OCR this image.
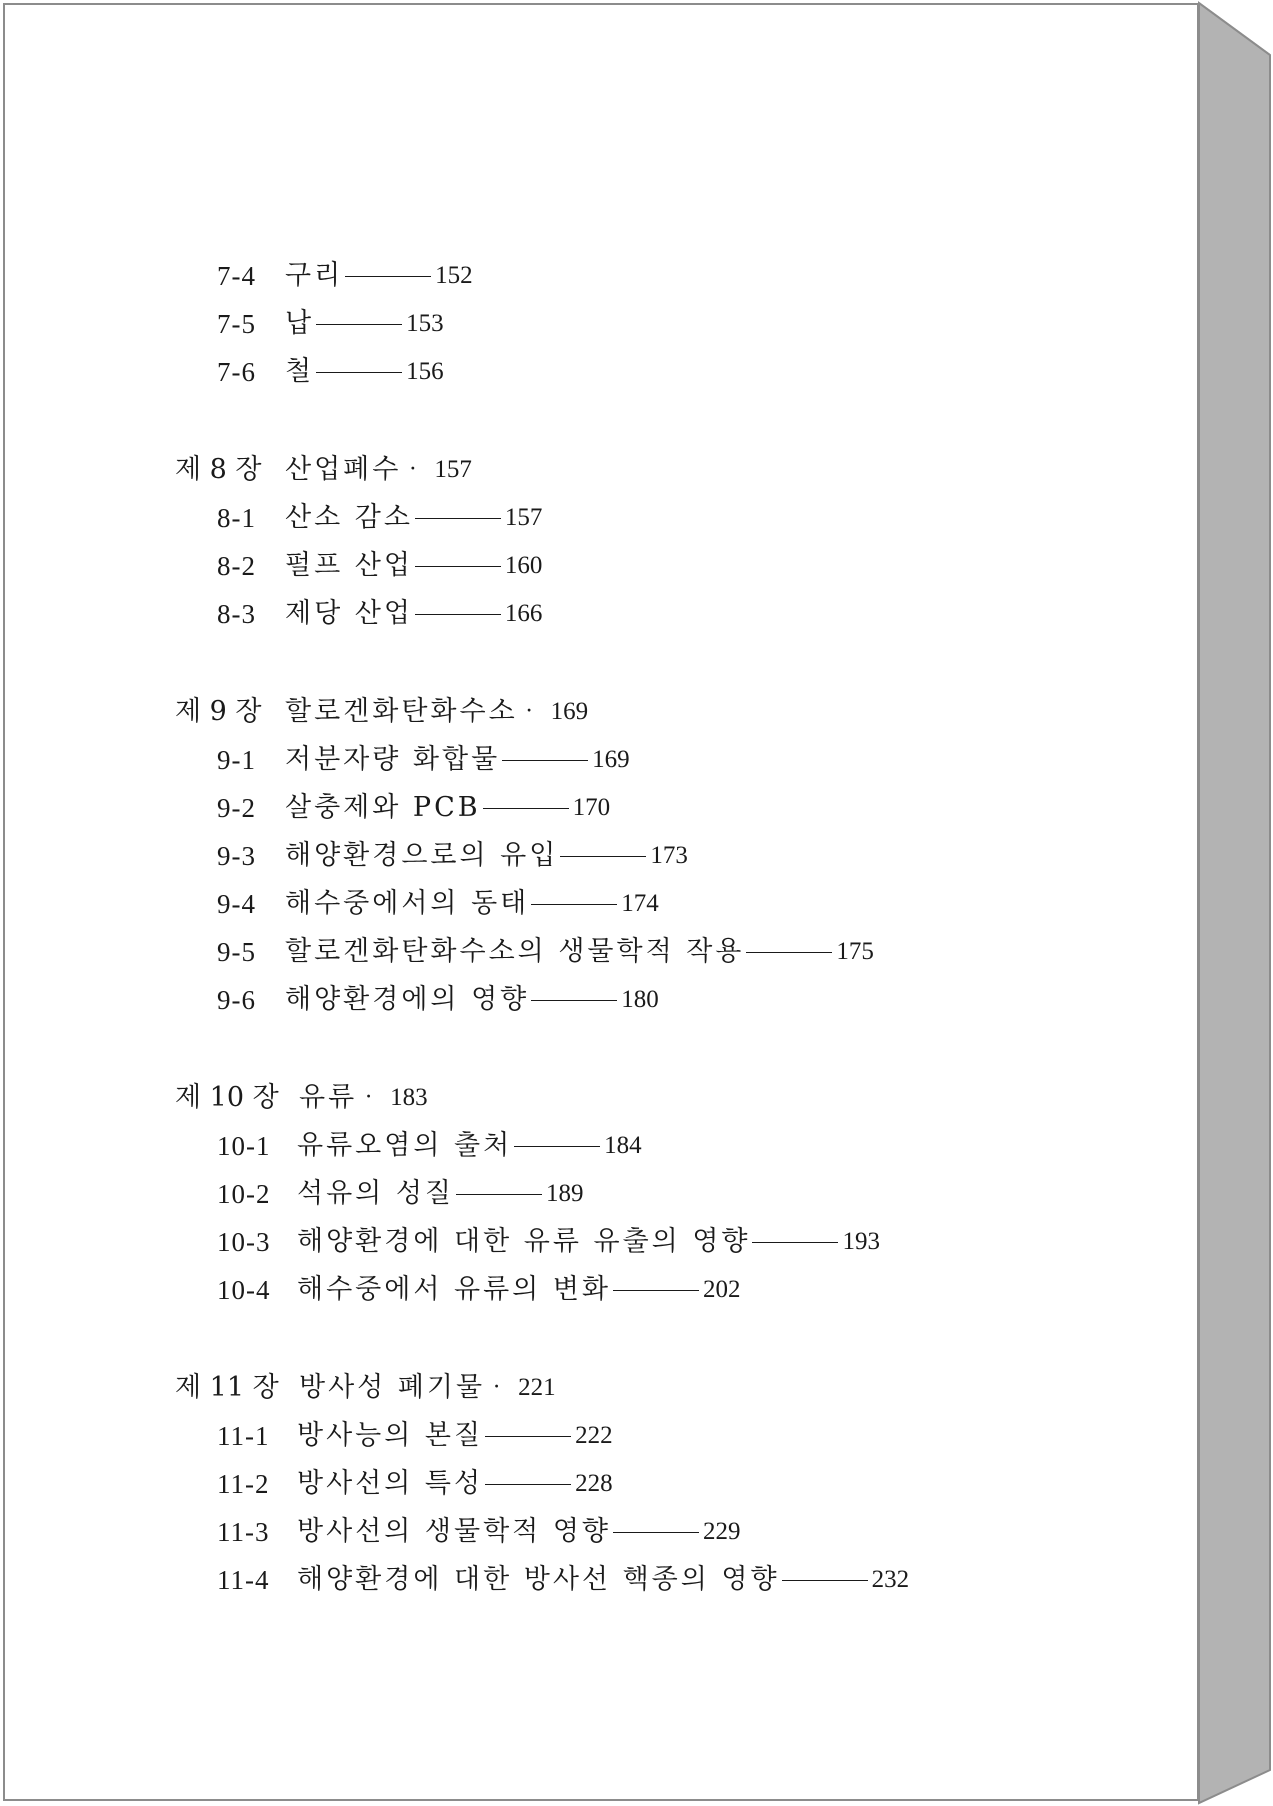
7-4	구리	152
7-5	납	153
7-6	철	156
제 8 장 산업폐수 · 157
8-1	산소 감소	157
8-2	펄프 산업	160
8-3	제당 산업	166
제 9 장 할로겐화탄화수소 · 169
9-1	저분자량 화합물	169
9-2	살충제와 PCB	170
9-3	해양환경으로의 유입	173
9-4	해수중에서의 동태	174
9-5	할로겐화탄화수소의 생물학적 작용	175
9-6	해양환경에의 영향	180
제 10 장 유류 · 183
10-1 유류오염의 출처	184
10-2 석유의 성질	189
10-3 해양환경에 대한 유류 유출의 영향	193
10-4 해수중에서 유류의 변화	202
제 11 장 방사성 폐기물 · 221
11-1	방사능의 본질	222
11-2	방사선의 특성	228
11-3	방사선의 생물학적 영향	229
11-4	해양환경에 대한 방사선 핵종의 영향	232
